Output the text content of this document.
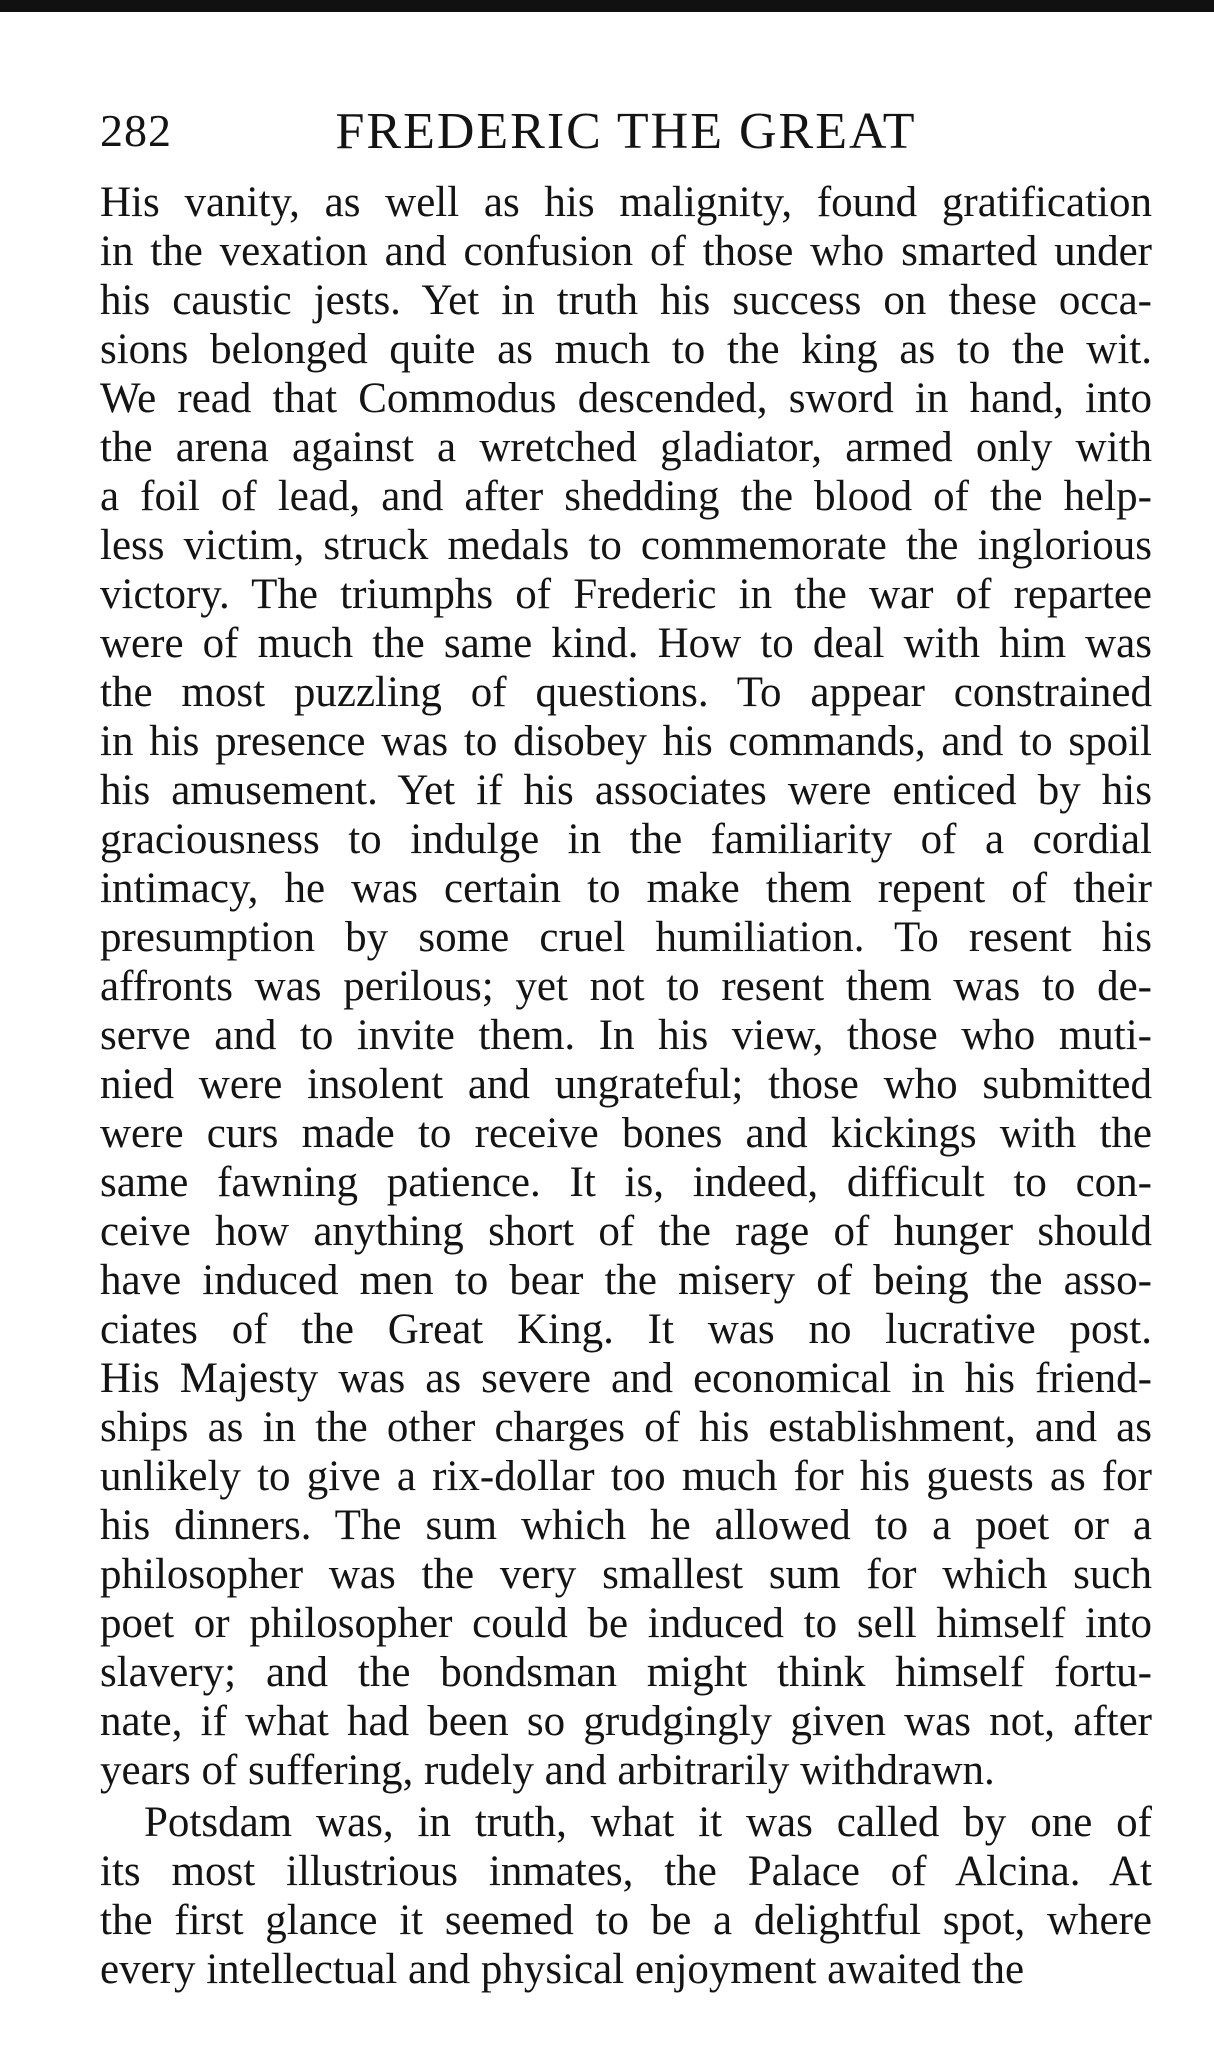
282	FREDERIC THE GREAT

His vanity, as well as his malignity, found gratification
in the vexation and confusion of those who smarted under
his caustic jests. Yet in truth his success on these occa-
sions belonged quite as much to the king as to the wit.
We read that Commodus descended, sword in hand, into
the arena against a wretched gladiator, armed only with
a foil of lead, and after shedding the blood of the help-
less victim, struck medals to commemorate the inglorious
victory. The triumphs of Frederic in the war of repartee
were of much the same kind. How to deal with him was
the most puzzling of questions. To appear constrained
in his presence was to disobey his commands, and to spoil
his amusement. Yet if his associates were enticed by his
graciousness to indulge in the familiarity of a cordial
intimacy, he was certain to make them repent of their
presumption by some cruel humiliation. To resent his
affronts was perilous; yet not to resent them was to de-
serve and to invite them. In his view, those who muti-
nied were insolent and ungrateful; those who submitted
were curs made to receive bones and kickings with the
same fawning patience. It is, indeed, difficult to con-
ceive how anything short of the rage of hunger should
have induced men to bear the misery of being the asso-
ciates of the Great King. It was no lucrative post.
His Majesty was as severe and economical in his friend-
ships as in the other charges of his establishment, and as
unlikely to give a rix-dollar too much for his guests as for
his dinners. The sum which he allowed to a poet or a
philosopher was the very smallest sum for which such
poet or philosopher could be induced to sell himself into
slavery; and the bondsman might think himself fortu-
nate, if what had been so grudgingly given was not, after
years of suffering, rudely and arbitrarily withdrawn.

Potsdam was, in truth, what it was called by one of
its most illustrious inmates, the Palace of Alcina. At
the first glance it seemed to be a delightful spot, where
every intellectual and physical enjoyment awaited the
